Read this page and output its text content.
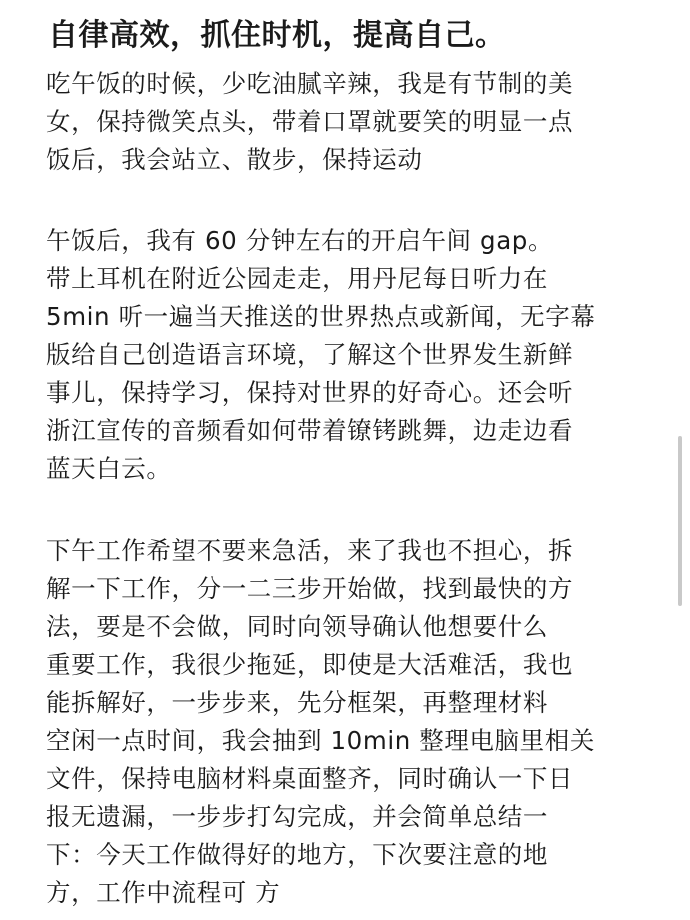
自律高效，抓住时机，提高自己。
吃午饭的时候，少吃油腻辛辣，我是有节制的美
女，保持微笑点头，带着口罩就要笑的明显一点
饭后，我会站立、散步，保持运动
午饭后，我有 60 分钟左右的开启午间 gap。
带上耳机在附近公园走走，用丹尼每日听力在
5min 听一遍当天推送的世界热点或新闻，无字幕
版给自己创造语言环境，了解这个世界发生新鲜
事儿，保持学习，保持对世界的好奇心。还会听
浙江宣传的音频看如何带着镣铐跳舞，边走边看
蓝天白云。
下午工作希望不要来急活，来了我也不担心，拆
解一下工作，分一二三步开始做，找到最快的方
法，要是不会做，同时向领导确认他想要什么
重要工作，我很少拖延，即使是大活难活，我也
能拆解好，一步步来，先分框架，再整理材料
空闲一点时间，我会抽到 10min 整理电脑里相关
文件，保持电脑材料桌面整齐，同时确认一下日
报无遗漏，一步步打勾完成，并会简单总结一
下：今天工作做得好的地方，下次要注意的地
方，工作中流程可 方
